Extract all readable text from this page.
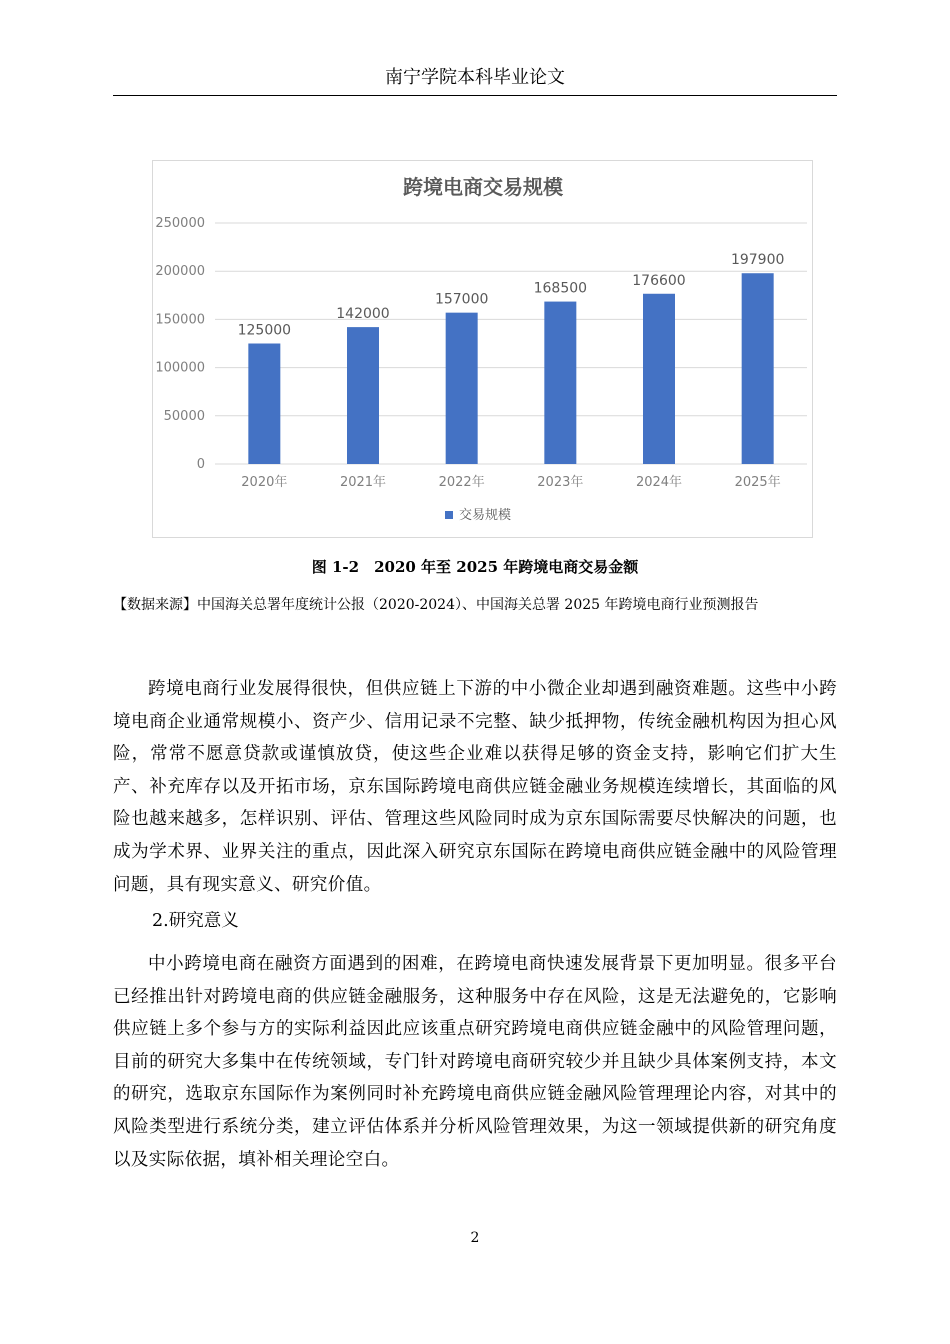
南宁学院本科毕业论文
跨境电商交易规模
0
50000
100000
150000
200000
250000
125000
142000
157000
168500	176600
197900
2020年	2021年	2022年	2023年	2024年	2025年
交易规模
图 1-2　2020 年至 2025 年跨境电商交易金额
【数据来源】中国海关总署年度统计公报（2020-2024）、中国海关总署 2025 年跨境电商行业预测报告

跨境电商行业发展得很快，但供应链上下游的中小微企业却遇到融资难题。这些中小跨境电商企业通常规模小、资产少、信用记录不完整、缺少抵押物，传统金融机构因为担心风险，常常不愿意贷款或谨慎放贷，使这些企业难以获得足够的资金支持，影响它们扩大生产、补充库存以及开拓市场，京东国际跨境电商供应链金融业务规模连续增长，其面临的风险也越来越多，怎样识别、评估、管理这些风险同时成为京东国际需要尽快解决的问题，也成为学术界、业界关注的重点，因此深入研究京东国际在跨境电商供应链金融中的风险管理问题，具有现实意义、研究价值。

2.研究意义

中小跨境电商在融资方面遇到的困难，在跨境电商快速发展背景下更加明显。很多平台已经推出针对跨境电商的供应链金融服务，这种服务中存在风险，这是无法避免的，它影响供应链上多个参与方的实际利益因此应该重点研究跨境电商供应链金融中的风险管理问题，目前的研究大多集中在传统领域，专门针对跨境电商研究较少并且缺少具体案例支持，本文的研究，选取京东国际作为案例同时补充跨境电商供应链金融风险管理理论内容，对其中的风险类型进行系统分类，建立评估体系并分析风险管理效果，为这一领域提供新的研究角度以及实际依据，填补相关理论空白。

2
